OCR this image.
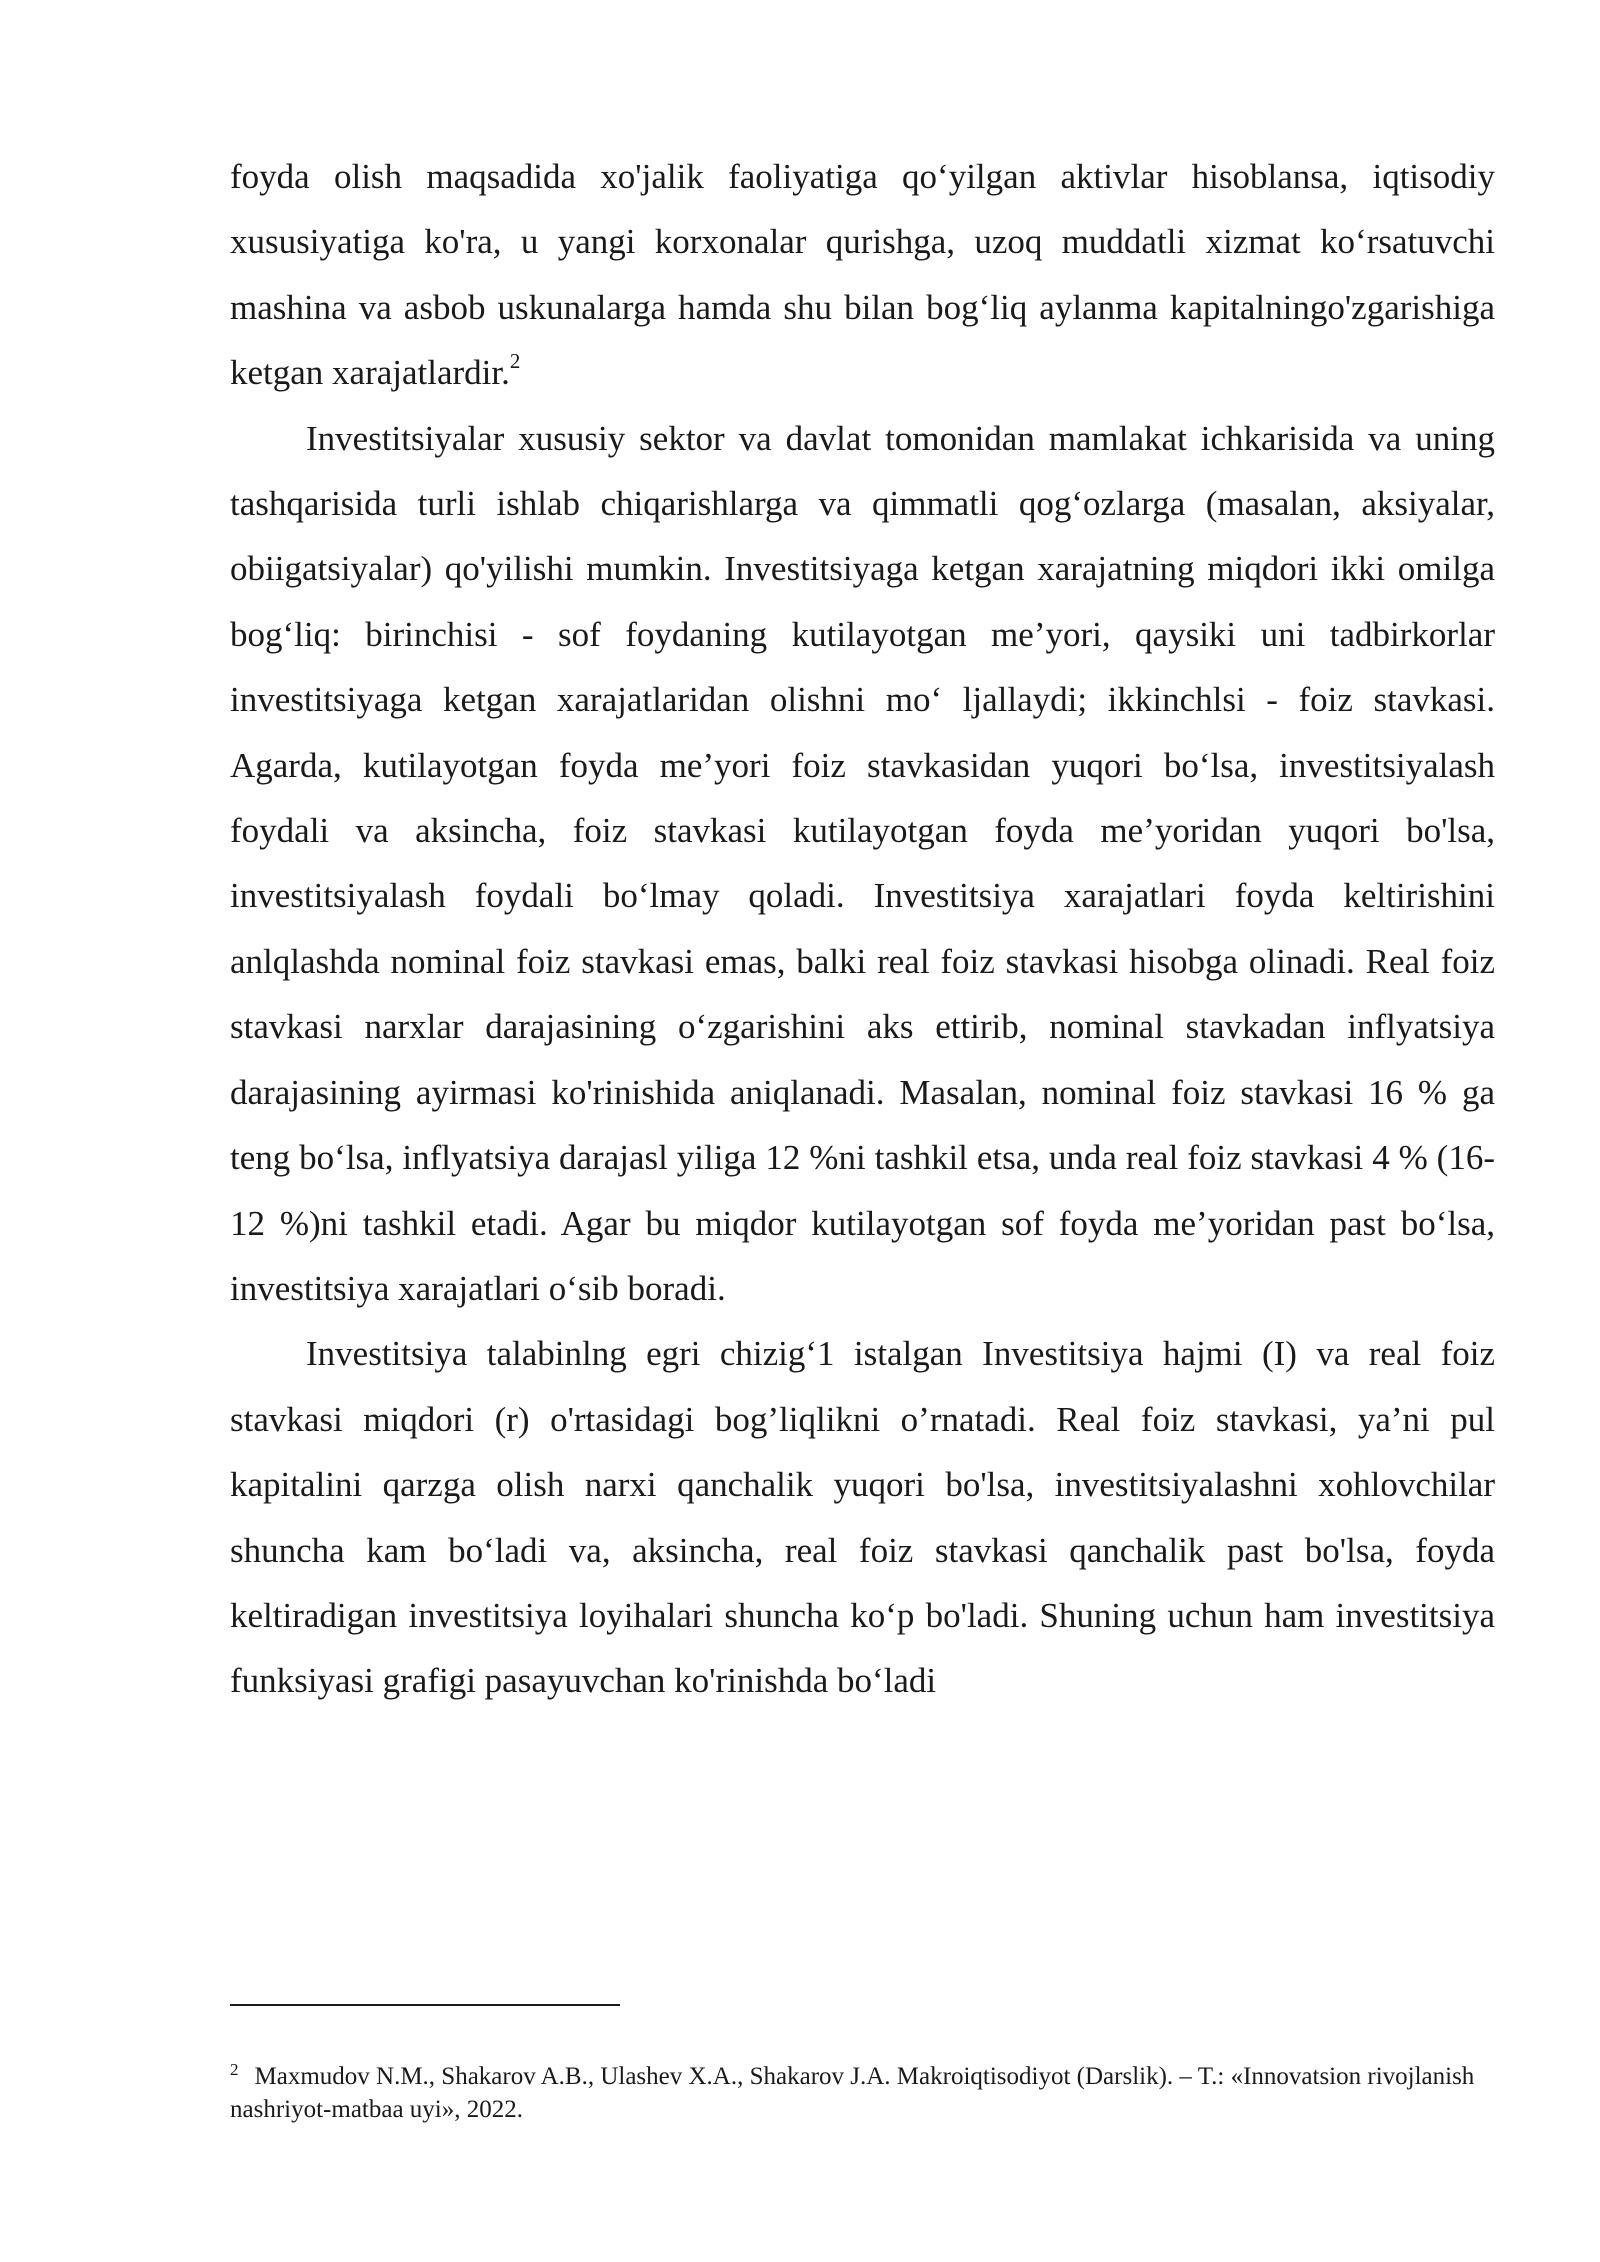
foyda olish maqsadida xo'jalik faoliyatiga qo‘yilgan aktivlar hisoblansa, iqtisodiy xususiyatiga ko'ra, u yangi korxonalar qurishga, uzoq muddatli xizmat ko‘rsatuvchi mashina va asbob uskunalarga hamda shu bilan bog‘liq aylanma kapitalningo'zgarishiga ketgan xarajatlardir.$^2$

Investitsiyalar xususiy sektor va davlat tomonidan mamlakat ichkarisida va uning tashqarisida turli ishlab chiqarishlarga va qimmatli qog‘ozlarga (masalan, aksiyalar, obiigatsiyalar) qo'yilishi mumkin. Investitsiyaga ketgan xarajatning miqdori ikki omilga bog‘liq: birinchisi - sof foydaning kutilayotgan me’yori, qaysiki uni tadbirkorlar investitsiyaga ketgan xarajatlaridan olishni mo‘ ljallaydi; ikkinchlsi - foiz stavkasi. Agarda, kutilayotgan foyda me’yori foiz stavkasidan yuqori bo‘lsa, investitsiyalash foydali va aksincha, foiz stavkasi kutilayotgan foyda me’yoridan yuqori bo'lsa, investitsiyalash foydali bo‘lmay qoladi. Investitsiya xarajatlari foyda keltirishini anlqlashda nominal foiz stavkasi emas, balki real foiz stavkasi hisobga olinadi. Real foiz stavkasi narxlar darajasining o‘zgarishini aks ettirib, nominal stavkadan inflyatsiya darajasining ayirmasi ko'rinishida aniqlanadi. Masalan, nominal foiz stavkasi 16 % ga teng bo‘lsa, inflyatsiya darajasl yiliga 12 %ni tashkil etsa, unda real foiz stavkasi 4 % (16-12 %)ni tashkil etadi. Agar bu miqdor kutilayotgan sof foyda me’yoridan past bo‘lsa, investitsiya xarajatlari o‘sib boradi.

Investitsiya talabinlng egri chizig‘1 istalgan Investitsiya hajmi (I) va real foiz stavkasi miqdori (r) o'rtasidagi bog’liqlikni o’rnatadi. Real foiz stavkasi, ya’ni pul kapitalini qarzga olish narxi qanchalik yuqori bo'lsa, investitsiyalashni xohlovchilar shuncha kam bo‘ladi va, aksincha, real foiz stavkasi qanchalik past bo'lsa, foyda keltiradigan investitsiya loyihalari shuncha ko‘p bo'ladi. Shuning uchun ham investitsiya funksiyasi grafigi pasayuvchan ko'rinishda bo‘ladi

$^2$ Maxmudov N.M., Shakarov A.B., Ulashev X.A., Shakarov J.A. Makroiqtisodiyot (Darslik). – T.: «Innovatsion rivojlanish nashriyot-matbaa uyi», 2022.
